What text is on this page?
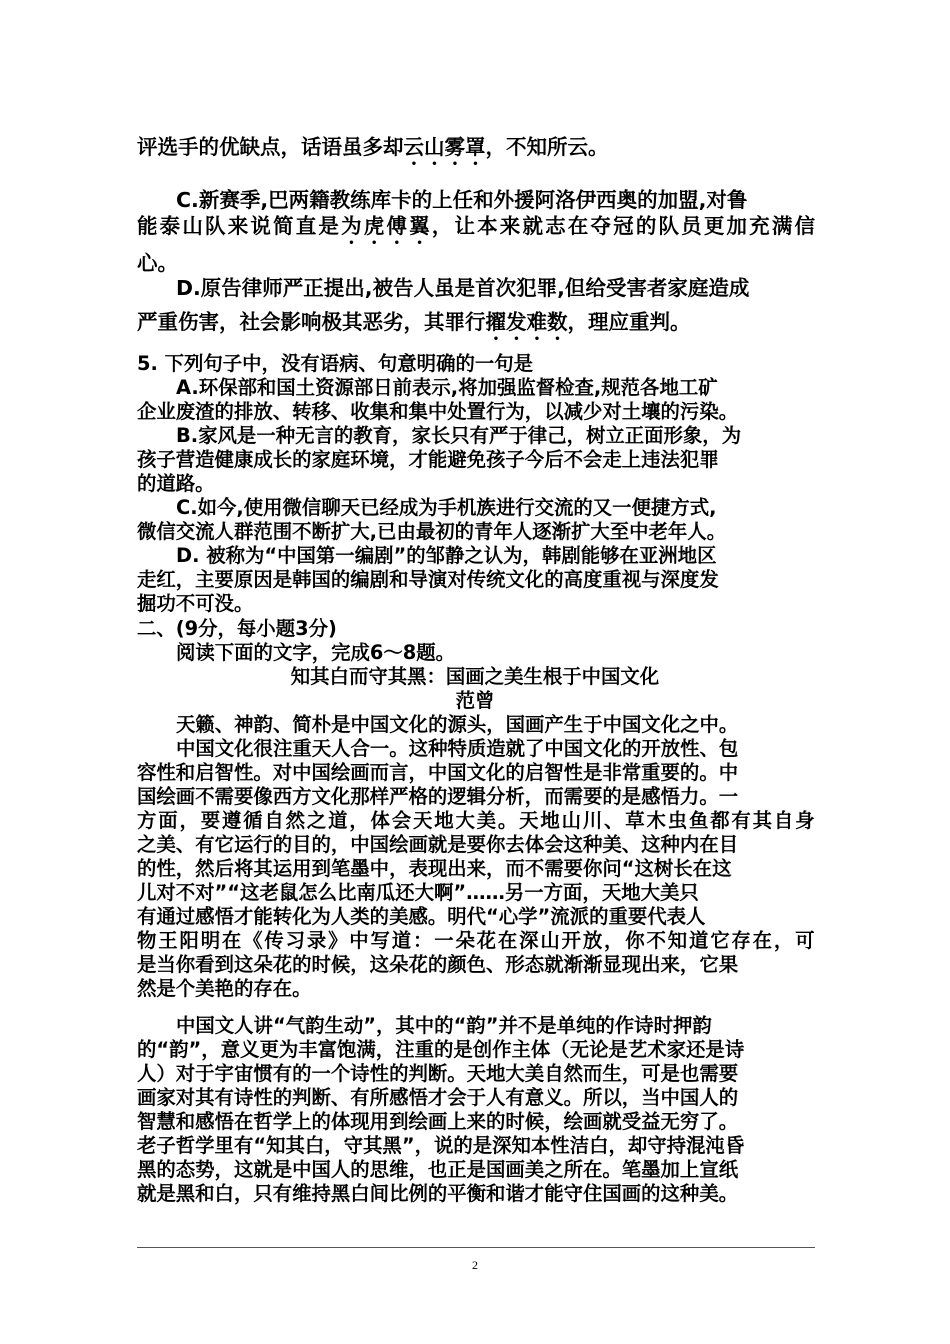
评选手的优缺点，话语虽多却云山雾罩，不知所云。
C.新赛季,巴两籍教练库卡的上任和外援阿洛伊西奥的加盟,对鲁
能泰山队来说简直是为虎傅翼，让本来就志在夺冠的队员更加充满信
心。
D.原告律师严正提出,被告人虽是首次犯罪,但给受害者家庭造成
严重伤害，社会影响极其恶劣，其罪行擢发难数，理应重判。
5. 下列句子中，没有语病、句意明确的一句是
A.环保部和国土资源部日前表示,将加强监督检查,规范各地工矿
企业废渣的排放、转移、收集和集中处置行为，以减少对土壤的污染。
B.家风是一种无言的教育，家长只有严于律己，树立正面形象，为
孩子营造健康成长的家庭环境，才能避免孩子今后不会走上违法犯罪
的道路。
C.如今,使用微信聊天已经成为手机族进行交流的又一便捷方式,
微信交流人群范围不断扩大,已由最初的青年人逐渐扩大至中老年人。
D. 被称为“中国第一编剧”的邹静之认为，韩剧能够在亚洲地区
走红，主要原因是韩国的编剧和导演对传统文化的高度重视与深度发
掘功不可没。
二、(9分，每小题3分)
阅读下面的文字，完成6～8题。
知其白而守其黑：国画之美生根于中国文化
范曾
天籁、神韵、简朴是中国文化的源头，国画产生于中国文化之中。
中国文化很注重天人合一。这种特质造就了中国文化的开放性、包
容性和启智性。对中国绘画而言，中国文化的启智性是非常重要的。中
国绘画不需要像西方文化那样严格的逻辑分析，而需要的是感悟力。一
方面，要遵循自然之道，体会天地大美。天地山川、草木虫鱼都有其自身
之美、有它运行的目的，中国绘画就是要你去体会这种美、这种内在目
的性，然后将其运用到笔墨中，表现出来，而不需要你问“这树长在这
儿对不对”“这老鼠怎么比南瓜还大啊”……另一方面，天地大美只
有通过感悟才能转化为人类的美感。明代“心学”流派的重要代表人
物王阳明在《传习录》中写道：一朵花在深山开放，你不知道它存在，可
是当你看到这朵花的时候，这朵花的颜色、形态就渐渐显现出来，它果
然是个美艳的存在。
中国文人讲“气韵生动”，其中的“韵”并不是单纯的作诗时押韵
的“韵”，意义更为丰富饱满，注重的是创作主体（无论是艺术家还是诗
人）对于宇宙惯有的一个诗性的判断。天地大美自然而生，可是也需要
画家对其有诗性的判断、有所感悟才会于人有意义。所以，当中国人的
智慧和感悟在哲学上的体现用到绘画上来的时候，绘画就受益无穷了。
老子哲学里有“知其白，守其黑”，说的是深知本性洁白，却守持混沌昏
黑的态势，这就是中国人的思维，也正是国画美之所在。笔墨加上宣纸
就是黑和白，只有维持黑白间比例的平衡和谐才能守住国画的这种美。
2
